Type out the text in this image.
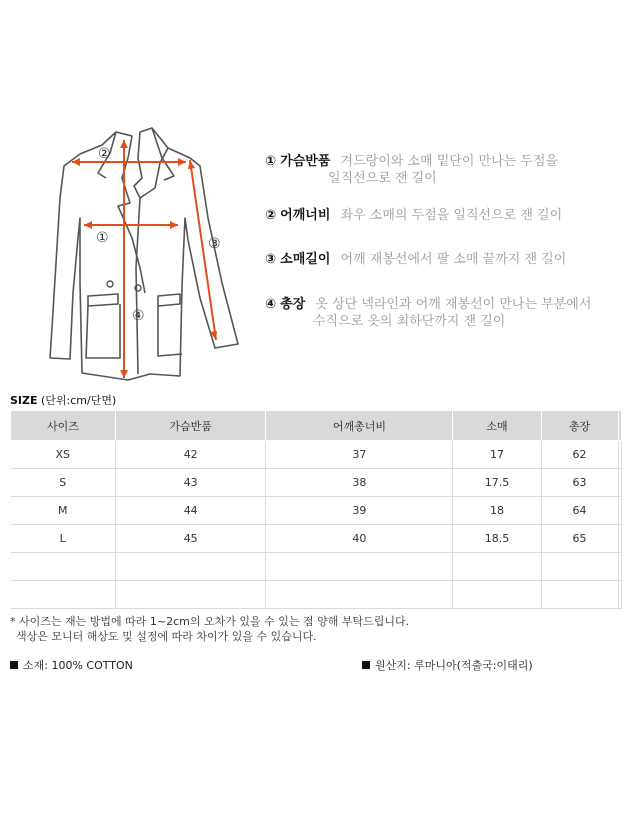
②
①	③
④
① 가슴반품 겨드랑이와 소매 밑단이 만나는 두점을
일직선으로 잰 길이
② 어깨너비 좌우 소매의 두점을 일직선으로 잰 길이
③ 소매길이 어깨 재봉선에서 팔 소매 끝까지 잰 길이
④ 총장 옷 상단 넥라인과 어깨 재봉선이 만나는 부분에서
수직으로 옷의 최하단까지 잰 길이
SIZE (단위:cm/단면)
사이즈	가슴반품	어깨총너비	소매	총장	
XS	42	37	17	62	
S	43	38	17.5	63	
M	44	39	18	64	
L	45	40	18.5	65	

* 사이즈는 재는 방법에 따라 1~2cm의 오차가 있을 수 있는 점 양해 부탁드립니다.
색상은 모니터 해상도 및 설정에 따라 차이가 있을 수 있습니다.
소재: 100% COTTON	원산지: 루마니아(적출국:이태리)
